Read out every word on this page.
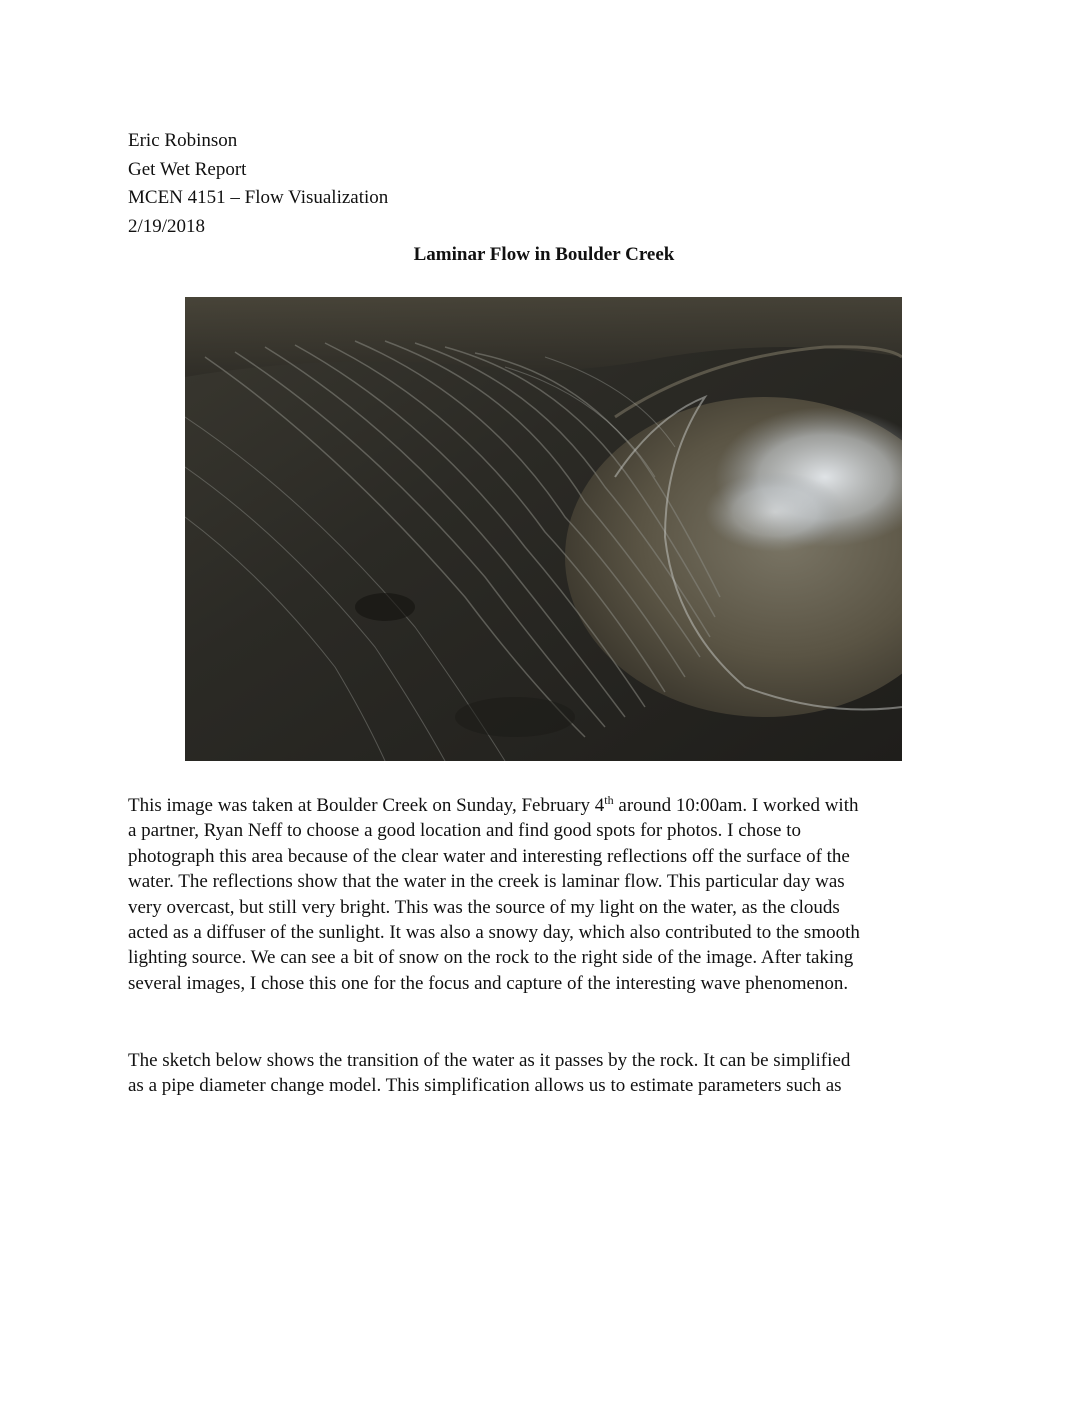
Eric Robinson
Get Wet Report
MCEN 4151 – Flow Visualization
2/19/2018
Laminar Flow in Boulder Creek

This image was taken at Boulder Creek on Sunday, February 4th around 10:00am. I worked with
a partner, Ryan Neff to choose a good location and find good spots for photos. I chose to
photograph this area because of the clear water and interesting reflections off the surface of the
water. The reflections show that the water in the creek is laminar flow. This particular day was
very overcast, but still very bright. This was the source of my light on the water, as the clouds
acted as a diffuser of the sunlight. It was also a snowy day, which also contributed to the smooth
lighting source. We can see a bit of snow on the rock to the right side of the image. After taking
several images, I chose this one for the focus and capture of the interesting wave phenomenon.

The sketch below shows the transition of the water as it passes by the rock. It can be simplified
as a pipe diameter change model. This simplification allows us to estimate parameters such as
